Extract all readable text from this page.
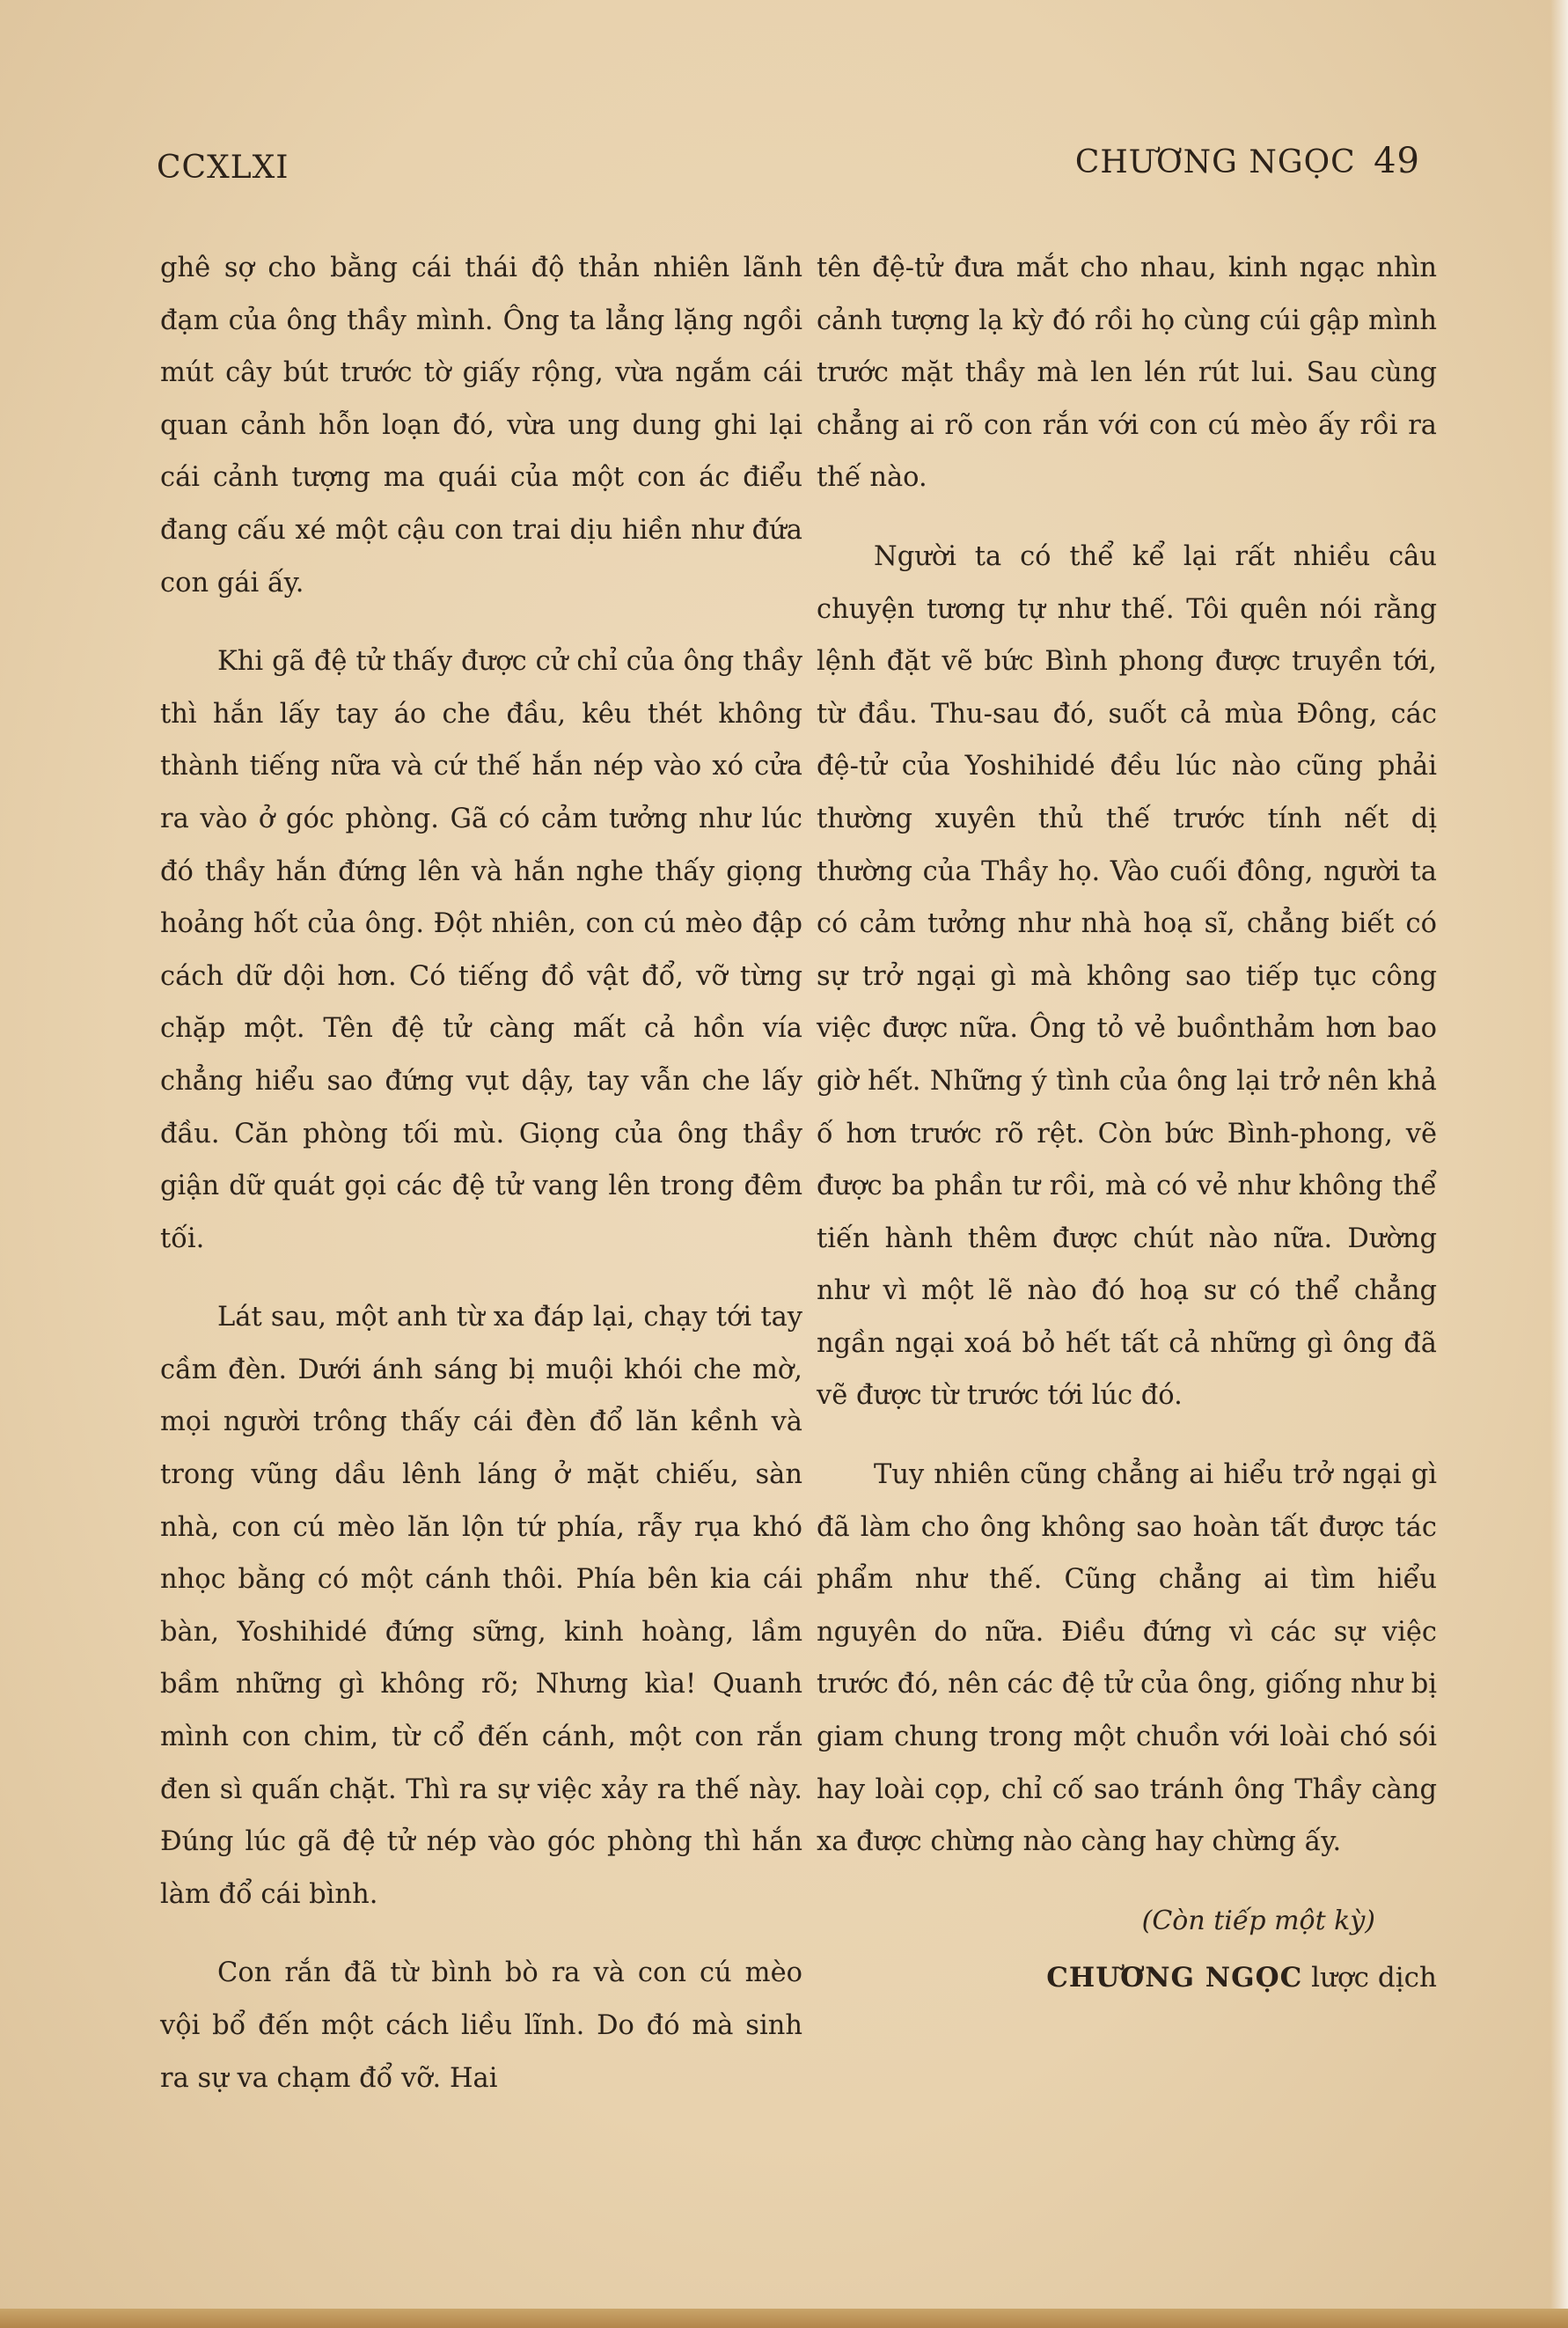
CCXLXI	CHƯƠNG NGỌC 49

ghê sợ cho bằng cái thái độ thản nhiên lãnh đạm của ông thầy mình. Ông ta lẳng lặng ngồi mút cây bút trước tờ giấy rộng, vừa ngắm cái quan cảnh hỗn loạn đó, vừa ung dung ghi lại cái cảnh tượng ma quái của một con ác điểu đang cấu xé một cậu con trai dịu hiền như đứa con gái ấy.

Khi gã đệ tử thấy được cử chỉ của ông thầy thì hắn lấy tay áo che đầu, kêu thét không thành tiếng nữa và cứ thế hắn nép vào xó cửa ra vào ở góc phòng. Gã có cảm tưởng như lúc đó thầy hắn đứng lên và hắn nghe thấy giọng hoảng hốt của ông. Đột nhiên, con cú mèo đập cách dữ dội hơn. Có tiếng đồ vật đổ, vỡ từng chặp một. Tên đệ tử càng mất cả hồn vía chẳng hiểu sao đứng vụt dậy, tay vẫn che lấy đầu. Căn phòng tối mù. Giọng của ông thầy giận dữ quát gọi các đệ tử vang lên trong đêm tối.

Lát sau, một anh từ xa đáp lại, chạy tới tay cầm đèn. Dưới ánh sáng bị muội khói che mờ, mọi người trông thấy cái đèn đổ lăn kềnh và trong vũng dầu lênh láng ở mặt chiếu, sàn nhà, con cú mèo lăn lộn tứ phía, rẫy rụa khó nhọc bằng có một cánh thôi. Phía bên kia cái bàn, Yoshihidé đứng sững, kinh hoàng, lầm bầm những gì không rõ; Nhưng kìa! Quanh mình con chim, từ cổ đến cánh, một con rắn đen sì quấn chặt. Thì ra sự việc xảy ra thế này. Đúng lúc gã đệ tử nép vào góc phòng thì hắn làm đổ cái bình.

Con rắn đã từ bình bò ra và con cú mèo vội bổ đến một cách liều lĩnh. Do đó mà sinh ra sự va chạm đổ vỡ. Hai

tên đệ-tử đưa mắt cho nhau, kinh ngạc nhìn cảnh tượng lạ kỳ đó rồi họ cùng cúi gập mình trước mặt thầy mà len lén rút lui. Sau cùng chẳng ai rõ con rắn với con cú mèo ấy rồi ra thế nào.

Người ta có thể kể lại rất nhiều câu chuyện tương tự như thế. Tôi quên nói rằng lệnh đặt vẽ bức Bình phong được truyền tới, từ đầu. Thu-sau đó, suốt cả mùa Đông, các đệ-tử của Yoshihidé đều lúc nào cũng phải thường xuyên thủ thế trước tính nết dị thường của Thầy họ. Vào cuối đông, người ta có cảm tưởng như nhà hoạ sĩ, chẳng biết có sự trở ngại gì mà không sao tiếp tục công việc được nữa. Ông tỏ vẻ buồnthảm hơn bao giờ hết. Những ý tình của ông lại trở nên khả ố hơn trước rõ rệt. Còn bức Bình-phong, vẽ được ba phần tư rồi, mà có vẻ như không thể tiến hành thêm được chút nào nữa. Dường như vì một lẽ nào đó hoạ sư có thể chẳng ngần ngại xoá bỏ hết tất cả những gì ông đã vẽ được từ trước tới lúc đó.

Tuy nhiên cũng chẳng ai hiểu trở ngại gì đã làm cho ông không sao hoàn tất được tác phẩm như thế. Cũng chẳng ai tìm hiểu nguyên do nữa. Điều đứng vì các sự việc trước đó, nên các đệ tử của ông, giống như bị giam chung trong một chuồn với loài chó sói hay loài cọp, chỉ cố sao tránh ông Thầy càng xa được chừng nào càng hay chừng ấy.

(Còn tiếp một kỳ)
CHƯƠNG NGỌC lược dịch
